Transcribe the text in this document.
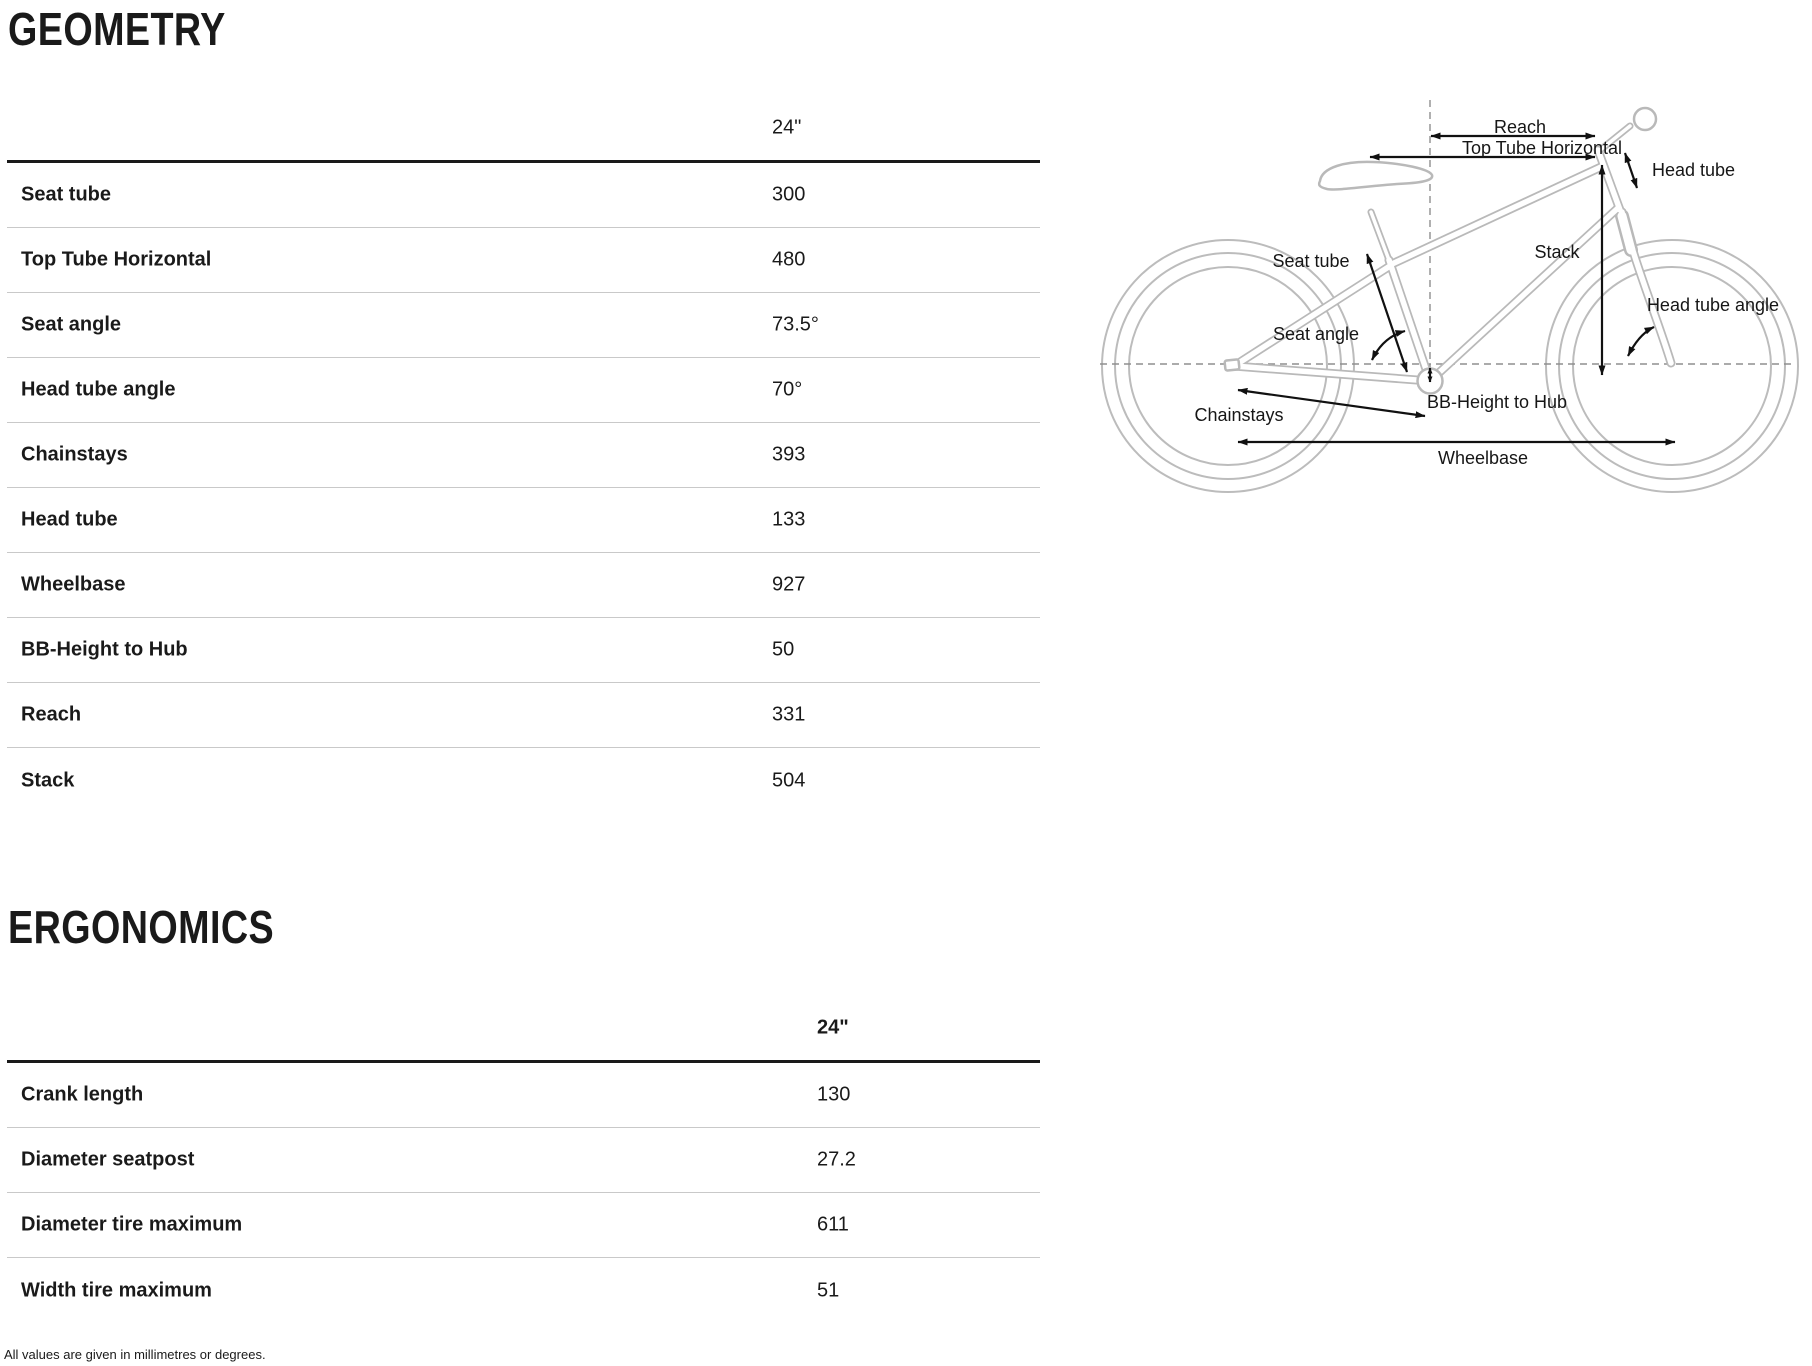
GEOMETRY
24"
Seat tube	300
Top Tube Horizontal	480
Seat angle	73.5°
Head tube angle	70°
Chainstays	393
Head tube	133
Wheelbase	927
BB-Height to Hub	50
Reach	331
Stack	504
Reach
Top Tube Horizontal
Head tube
Seat tube	Stack
Head tube angle
Seat angle
Chainstays
BB-Height to Hub
Wheelbase
ERGONOMICS
24"
Crank length	130
Diameter seatpost	27.2
Diameter tire maximum	611
Width tire maximum	51
All values are given in millimetres or degrees.
